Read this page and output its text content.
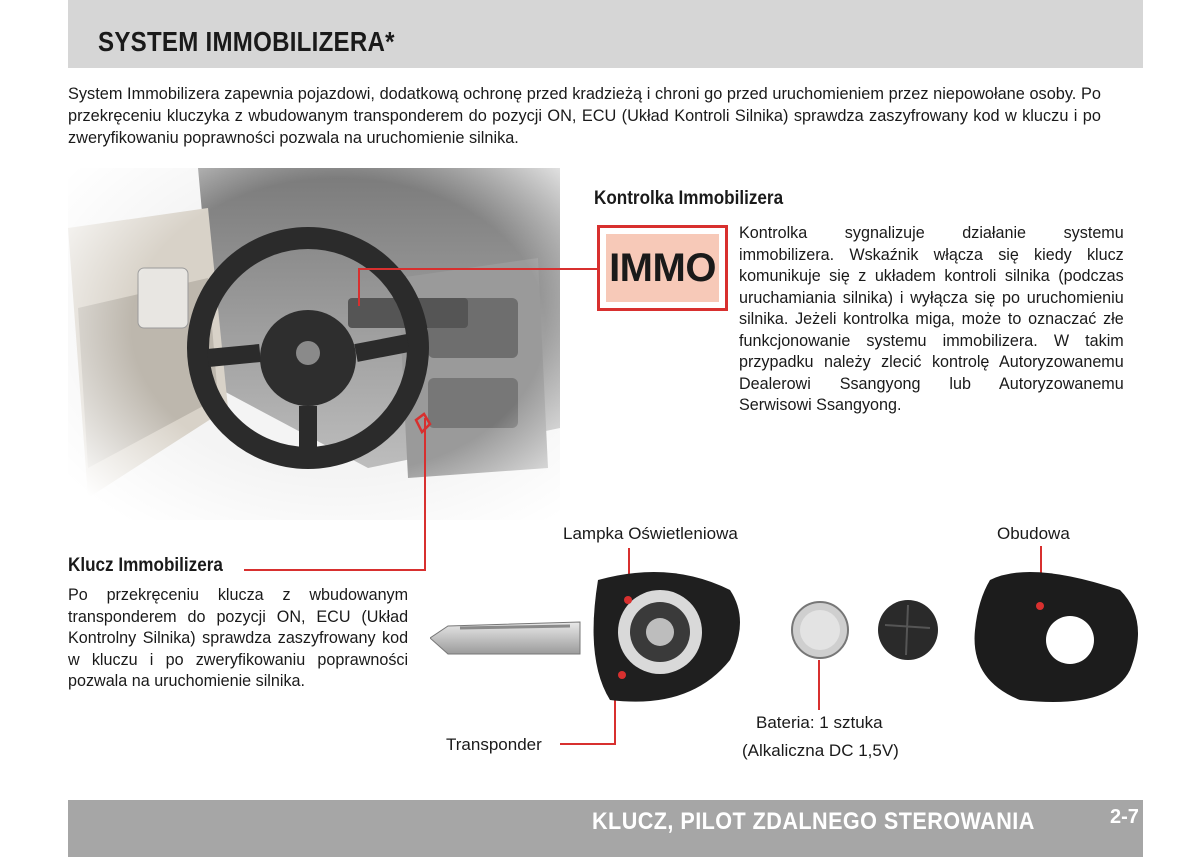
SYSTEM IMMOBILIZERA*
System Immobilizera zapewnia pojazdowi, dodatkową ochronę przed kradzieżą i chroni go przed uruchomieniem przez niepowołane osoby. Po przekręceniu kluczyka z wbudowanym transponderem do pozycji ON, ECU (Układ Kontroli Silnika) sprawdza zaszyfrowany kod w kluczu i po zweryfikowaniu poprawności pozwala na uruchomienie silnika.
Kontrolka Immobilizera
IMMO
Kontrolka sygnalizuje działanie systemu immobilizera. Wskaźnik włącza się kiedy klucz komunikuje się z układem kontroli silnika (podczas uruchamiania silnika) i wyłącza się po uruchomieniu silnika. Jeżeli kontrolka miga, może to oznaczać złe funkcjonowanie systemu immobilizera. W takim przypadku należy zlecić kontrolę Autoryzowanemu Dealerowi Ssangyong lub Autoryzowanemu Serwisowi Ssangyong.
Klucz Immobilizera
Po przekręceniu klucza z wbudowanym transponderem do pozycji ON, ECU (Układ Kontrolny Silnika) sprawdza zaszyfrowany kod w kluczu i po zweryfikowaniu poprawności pozwala na uruchomienie silnika.
Lampka Oświetleniowa	Obudowa
Bateria: 1 sztuka
(Alkaliczna DC 1,5V)
Transponder
KLUCZ, PILOT ZDALNEGO STEROWANIA	2-7
